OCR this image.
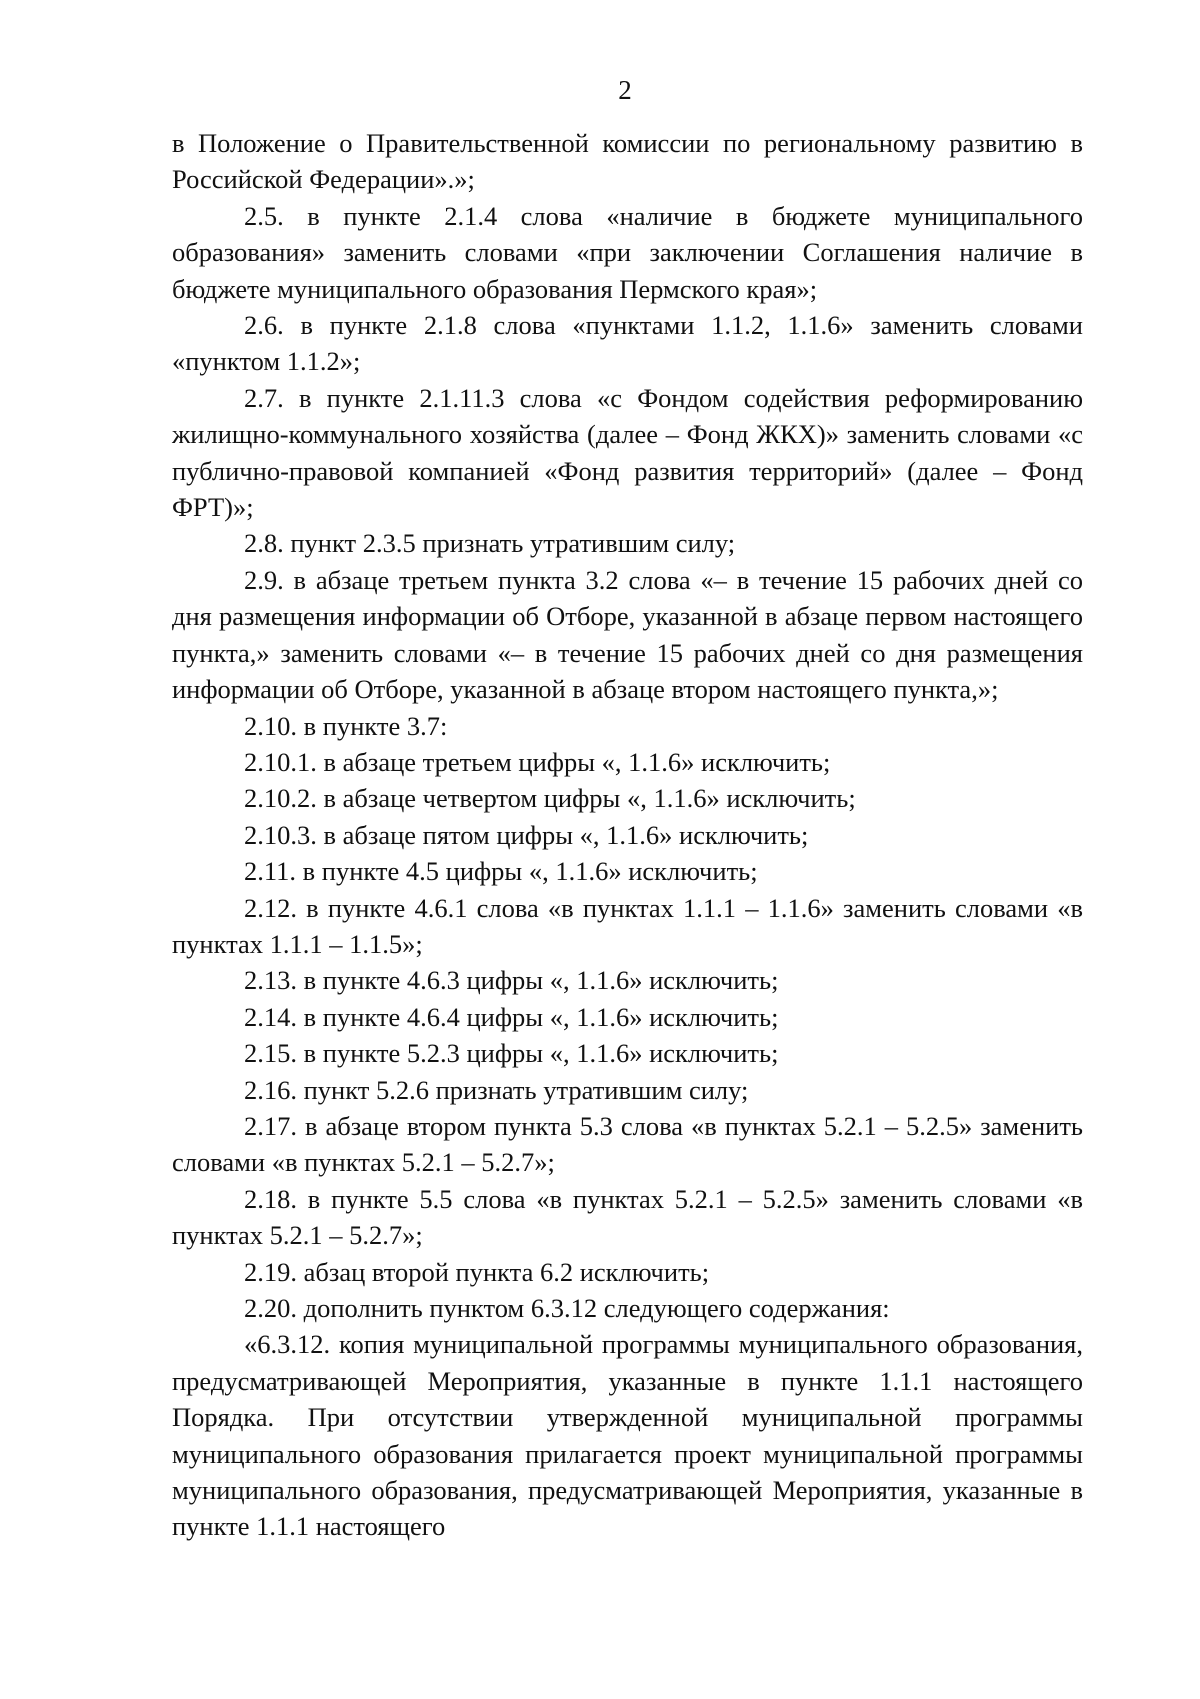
2

в Положение о Правительственной комиссии по региональному развитию в Российской Федерации».»;

2.5. в пункте 2.1.4 слова «наличие в бюджете муниципального образования» заменить словами «при заключении Соглашения наличие в бюджете муниципального образования Пермского края»;

2.6. в пункте 2.1.8 слова «пунктами 1.1.2, 1.1.6» заменить словами «пунктом 1.1.2»;

2.7. в пункте 2.1.11.3 слова «с Фондом содействия реформированию жилищно-коммунального хозяйства (далее – Фонд ЖКХ)» заменить словами «с публично-правовой компанией «Фонд развития территорий» (далее – Фонд ФРТ)»;

2.8. пункт 2.3.5 признать утратившим силу;

2.9. в абзаце третьем пункта 3.2 слова «– в течение 15 рабочих дней со дня размещения информации об Отборе, указанной в абзаце первом настоящего пункта,» заменить словами «– в течение 15 рабочих дней со дня размещения информации об Отборе, указанной в абзаце втором настоящего пункта,»;

2.10. в пункте 3.7:

2.10.1. в абзаце третьем цифры «, 1.1.6» исключить;

2.10.2. в абзаце четвертом цифры «, 1.1.6» исключить;

2.10.3. в абзаце пятом цифры «, 1.1.6» исключить;

2.11. в пункте 4.5 цифры «, 1.1.6» исключить;

2.12. в пункте 4.6.1 слова «в пунктах 1.1.1 – 1.1.6» заменить словами «в пунктах 1.1.1 – 1.1.5»;

2.13. в пункте 4.6.3 цифры «, 1.1.6» исключить;

2.14. в пункте 4.6.4 цифры «, 1.1.6» исключить;

2.15. в пункте 5.2.3 цифры «, 1.1.6» исключить;

2.16. пункт 5.2.6 признать утратившим силу;

2.17. в абзаце втором пункта 5.3 слова «в пунктах 5.2.1 – 5.2.5» заменить словами «в пунктах 5.2.1 – 5.2.7»;

2.18. в пункте 5.5 слова «в пунктах 5.2.1 – 5.2.5» заменить словами «в пунктах 5.2.1 – 5.2.7»;

2.19. абзац второй пункта 6.2 исключить;

2.20. дополнить пунктом 6.3.12 следующего содержания:

«6.3.12. копия муниципальной программы муниципального образования, предусматривающей Мероприятия, указанные в пункте 1.1.1 настоящего Порядка. При отсутствии утвержденной муниципальной программы муниципального образования прилагается проект муниципальной программы муниципального образования, предусматривающей Мероприятия, указанные в пункте 1.1.1 настоящего
